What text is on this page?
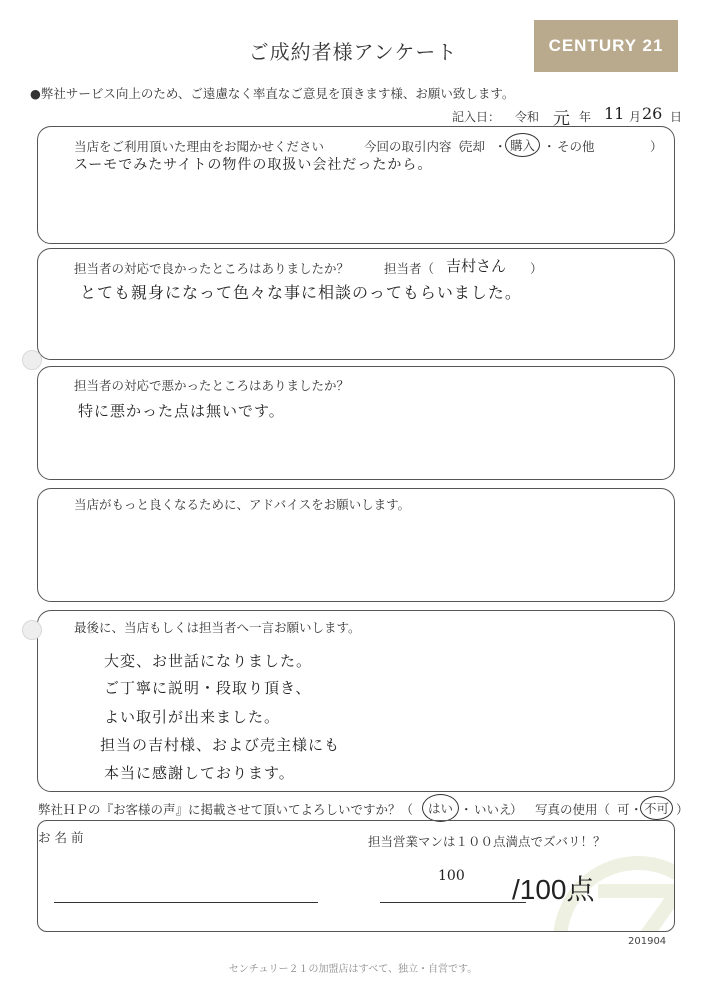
ご成約者様アンケート	CENTURY 21
●弊社サービス向上のため、ご遠慮なく率直なご意見を頂きます様、お願い致します。
記入日： 令和 元 年 11 月 26 日
当店をご利用頂いた理由をお聞かせください	今回の取引内容（
売却 ・ 購入 ・ その他	）
スーモでみたサイトの物件の取扱い会社だったから。
担当者の対応で良かったところはありましたか？	担当者（ 吉村さん ）
とても親身になって色々な事に相談のってもらいました。
担当者の対応で悪かったところはありましたか？
特に悪かった点は無いです。
当店がもっと良くなるために、アドバイスをお願いします。
最後に、当店もしくは担当者へ一言お願いします。
大変、お世話になりました。
ご丁寧に説明・段取り頂き、
よい取引が出来ました。
担当の吉村様、および売主様にも
本当に感謝しております。
弊社ＨＰの『お客様の声』に掲載させて頂いてよろしいですか？（	はい ・ いいえ
） 写真の使用（ 可 ・ 不可 ）
お 名 前	担当営業マンは１００点満点でズバリ！？
100 /100点
201904
センチュリー２１の加盟店はすべて、独立・自営です。
